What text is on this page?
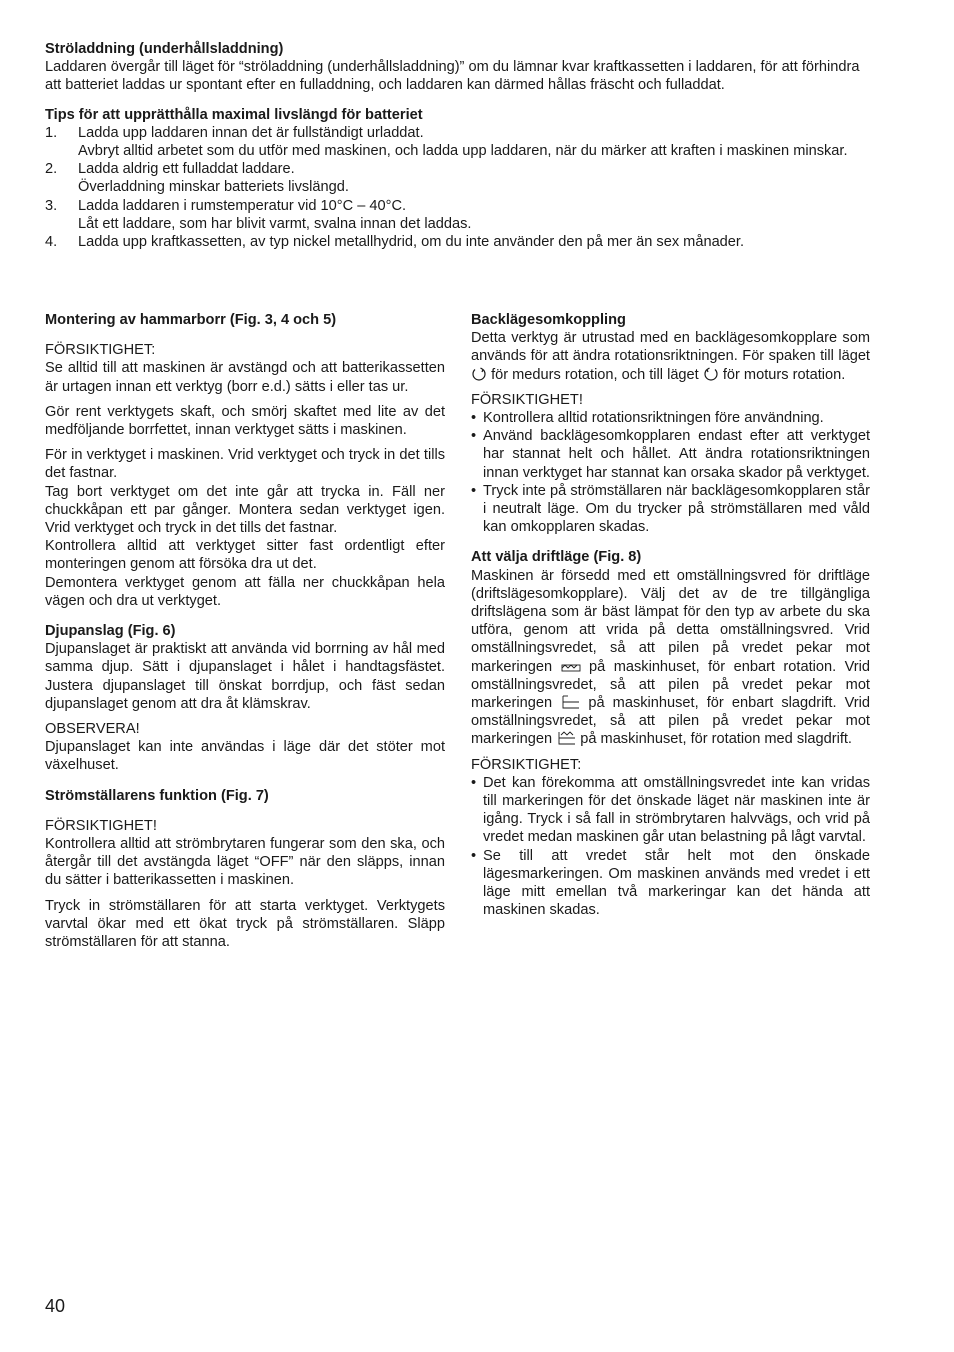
Ströladdning (underhållsladdning)

Laddaren övergår till läget för “ströladdning (underhållsladdning)” om du lämnar kvar kraftkassetten i laddaren, för att förhindra att batteriet laddas ur spontant efter en fulladdning, och laddaren kan därmed hållas fräscht och fulladdat.

Tips för att upprätthålla maximal livslängd för batteriet

1. Ladda upp laddaren innan det är fullständigt urladdat.

Avbryt alltid arbetet som du utför med maskinen, och ladda upp laddaren, när du märker att kraften i maskinen minskar.

2. Ladda aldrig ett fulladdat laddare.

Överladdning minskar batteriets livslängd.

3. Ladda laddaren i rumstemperatur vid 10°C – 40°C.

Låt ett laddare, som har blivit varmt, svalna innan det laddas.

4. Ladda upp kraftkassetten, av typ nickel metallhydrid, om du inte använder den på mer än sex månader.

Montering av hammarborr (Fig. 3, 4 och 5)

FÖRSIKTIGHET:

Se alltid till att maskinen är avstängd och att batterikassetten är urtagen innan ett verktyg (borr e.d.) sätts i eller tas ur.

Gör rent verktygets skaft, och smörj skaftet med lite av det medföljande borrfettet, innan verktyget sätts i maskinen.

För in verktyget i maskinen. Vrid verktyget och tryck in det tills det fastnar.

Tag bort verktyget om det inte går att trycka in. Fäll ner chuckkåpan ett par gånger. Montera sedan verktyget igen. Vrid verktyget och tryck in det tills det fastnar.

Kontrollera alltid att verktyget sitter fast ordentligt efter monteringen genom att försöka dra ut det.

Demontera verktyget genom att fälla ner chuckkåpan hela vägen och dra ut verktyget.

Djupanslag (Fig. 6)

Djupanslaget är praktiskt att använda vid borrning av hål med samma djup. Sätt i djupanslaget i hålet i handtagsfästet. Justera djupanslaget till önskat borrdjup, och fäst sedan djupanslaget genom att dra åt klämskrav.

OBSERVERA!

Djupanslaget kan inte användas i läge där det stöter mot växelhuset.

Strömställarens funktion (Fig. 7)

FÖRSIKTIGHET!

Kontrollera alltid att strömbrytaren fungerar som den ska, och återgår till det avstängda läget “OFF” när den släpps, innan du sätter i batterikassetten i maskinen.

Tryck in strömställaren för att starta verktyget. Verktygets varvtal ökar med ett ökat tryck på strömställaren. Släpp strömställaren för att stanna.

Backlägesomkoppling

Detta verktyg är utrustad med en backlägesomkopplare som används för att ändra rotationsriktningen. För spaken till läget  för medurs rotation, och till läget för moturs rotation.

FÖRSIKTIGHET!

• Kontrollera alltid rotationsriktningen före användning.

• Använd backlägesomkopplaren endast efter att verktyget har stannat helt och hållet. Att ändra rotationsriktningen innan verktyget har stannat kan orsaka skador på verktyget.

• Tryck inte på strömställaren när backlägesomkopplaren står i neutralt läge. Om du trycker på strömställaren med våld kan omkopplaren skadas.

Att välja driftläge (Fig. 8)

Maskinen är försedd med ett omställningsvred för driftläge (driftslägesomkopplare). Välj det av de tre tillgängliga driftslägena som är bäst lämpat för den typ av arbete du ska utföra, genom att vrida på detta omställningsvred. Vrid omställningsvredet, så att pilen på vredet pekar mot markeringen	på maskinhuset, för enbart rotation. Vrid omställningsvredet, så att pilen på vredet pekar mot markeringen på maskinhuset, för enbart slagdrift. Vrid omställningsvredet, så att pilen på vredet pekar mot markeringen på maskinhuset, för rotation med slagdrift.

FÖRSIKTIGHET:

• Det kan förekomma att omställningsvredet inte kan vridas till markeringen för det önskade läget när maskinen inte är igång. Tryck i så fall in strömbrytaren halvvägs, och vrid på vredet medan maskinen går utan belastning på lågt varvtal.

• Se till att vredet står helt mot den önskade lägesmarkeringen. Om maskinen används med vredet i ett läge mitt emellan två markeringar kan det hända att maskinen skadas.

40
